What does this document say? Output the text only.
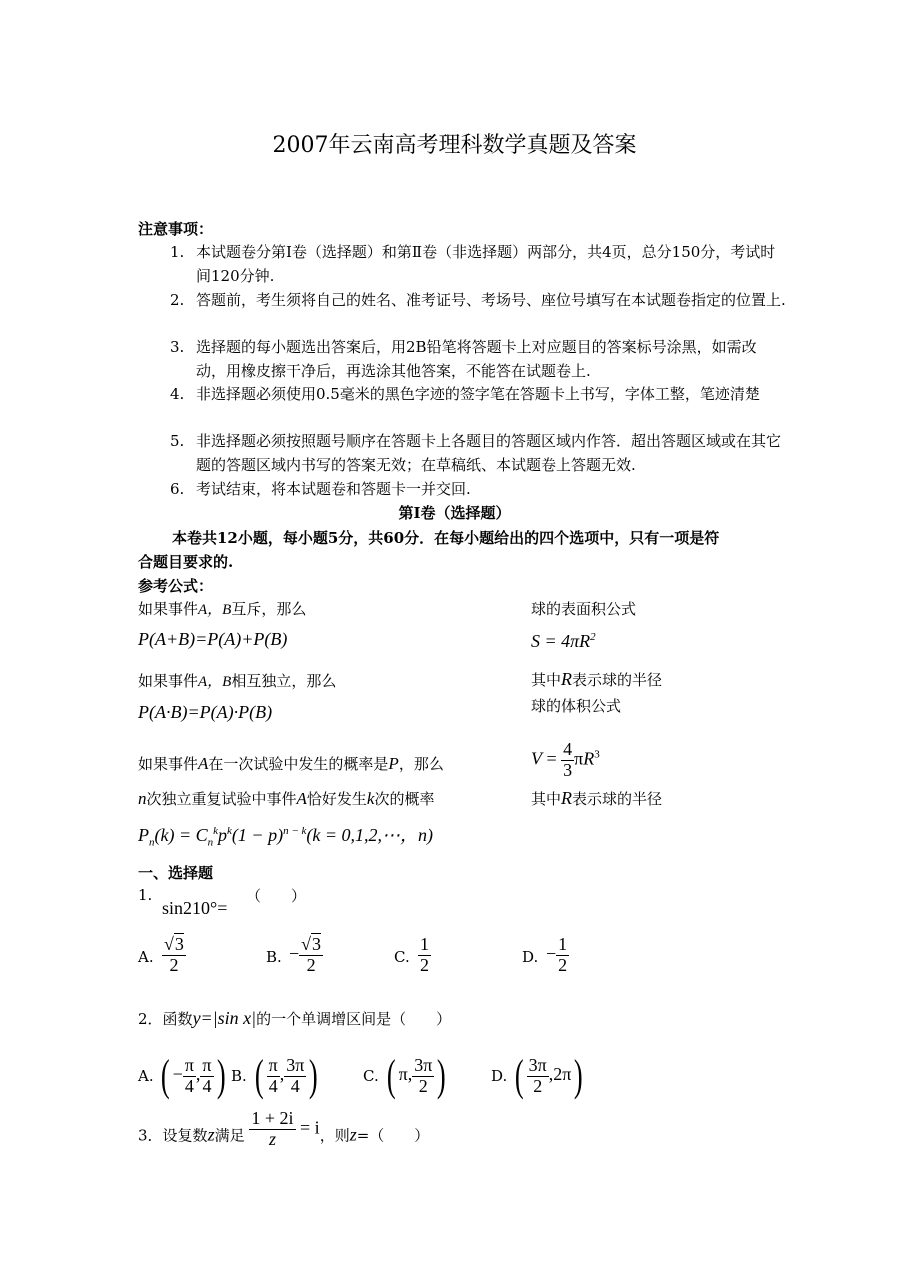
2007年云南高考理科数学真题及答案
注意事项：
1. 本试题卷分第Ⅰ卷（选择题）和第Ⅱ卷（非选择题）两部分，共4页，总分150分，考试时间120分钟.
2. 答题前，考生须将自己的姓名、准考证号、考场号、座位号填写在本试题卷指定的位置上.
3. 选择题的每小题选出答案后，用2B铅笔将答题卡上对应题目的答案标号涂黑，如需改动，用橡皮擦干净后，再选涂其他答案，不能答在试题卷上.
4. 非选择题必须使用0.5毫米的黑色字迹的签字笔在答题卡上书写，字体工整，笔迹清楚
5. 非选择题必须按照题号顺序在答题卡上各题目的答题区域内作答．超出答题区域或在其它题的答题区域内书写的答案无效；在草稿纸、本试题卷上答题无效.
6. 考试结束，将本试题卷和答题卡一并交回.
第Ⅰ卷（选择题）
本卷共12小题，每小题5分，共60分．在每小题给出的四个选项中，只有一项是符
合题目要求的.
参考公式：
如果事件A，B互斥，那么
P(A+B)=P(A)+P(B)
如果事件A，B相互独立，那么
P(A·B)=P(A)·P(B)
如果事件A在一次试验中发生的概率是P，那么
n次独立重复试验中事件A恰好发生k次的概率
$P_n(k) = C_n^kp^k(1 - p)^{n - k}(k$ = 0,1,2,⋯，n)
球的表面积公式
$S = 4\pi R^2$
其中R表示球的半径
球的体积公式
$V = \frac{4}{3} \pi R^3$
其中R表示球的半径
一、选择题
1.
sin210°=
（　　）
A. $\frac{√3}{2}$	B. − $\frac{√3}{2}$	C. $\frac{1}{2}$	D. − $\frac{1}{2}$
2．函数y=|sin x|的一个单调增区间是（　　）
A. ( − $\frac{\pi}{4}$ , $\frac{\pi}{4}$ ) B. ( $\frac{\pi}{4}$ , $\frac{3\pi}{4}$ )	C. ( π, $\frac{3\pi}{2}$ )	D. ( $\frac{3\pi}{2} ,2\pi$)
3．设复数z满足 $\frac{1 + 2i}{z} = i$，则z=（　　）
